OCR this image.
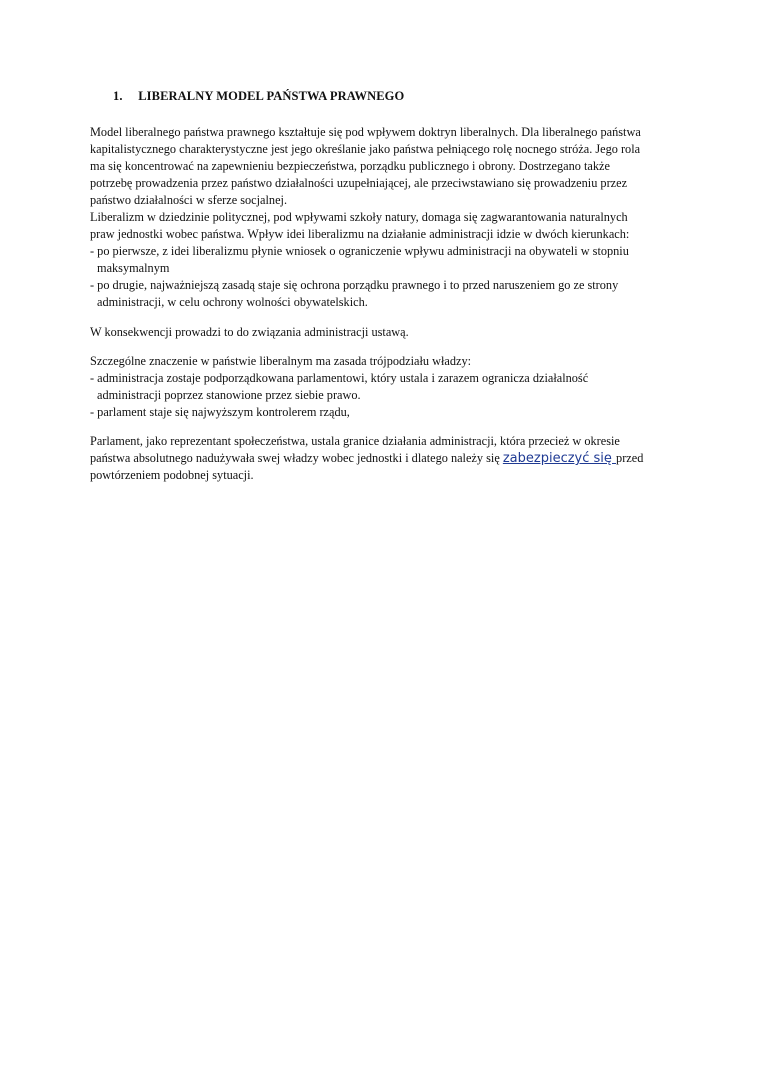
1. LIBERALNY MODEL PAŃSTWA PRAWNEGO
Model liberalnego państwa prawnego kształtuje się pod wpływem doktryn liberalnych. Dla liberalnego państwa
kapitalistycznego charakterystyczne jest jego określanie jako państwa pełniącego rolę nocnego stróża. Jego rola
ma się koncentrować na zapewnieniu bezpieczeństwa, porządku publicznego i obrony. Dostrzegano także
potrzebę prowadzenia przez państwo działalności uzupełniającej, ale przeciwstawiano się prowadzeniu przez
państwo działalności w sferze socjalnej.
Liberalizm w dziedzinie politycznej, pod wpływami szkoły natury, domaga się zagwarantowania naturalnych
praw jednostki wobec państwa. Wpływ idei liberalizmu na działanie administracji idzie w dwóch kierunkach:
- po pierwsze, z idei liberalizmu płynie wniosek o ograniczenie wpływu administracji na obywateli w stopniu
maksymalnym
- po drugie, najważniejszą zasadą staje się ochrona porządku prawnego i to przed naruszeniem go ze strony
administracji, w celu ochrony wolności obywatelskich.
W konsekwencji prowadzi to do związania administracji ustawą.
Szczególne znaczenie w państwie liberalnym ma zasada trójpodziału władzy:
- administracja zostaje podporządkowana parlamentowi, który ustala i zarazem ogranicza działalność
administracji poprzez stanowione przez siebie prawo.
- parlament staje się najwyższym kontrolerem rządu,
Parlament, jako reprezentant społeczeństwa, ustala granice działania administracji, która przecież w okresie
państwa absolutnego nadużywała swej władzy wobec jednostki i dlatego należy się zabezpieczyć się przed
powtórzeniem podobnej sytuacji.
